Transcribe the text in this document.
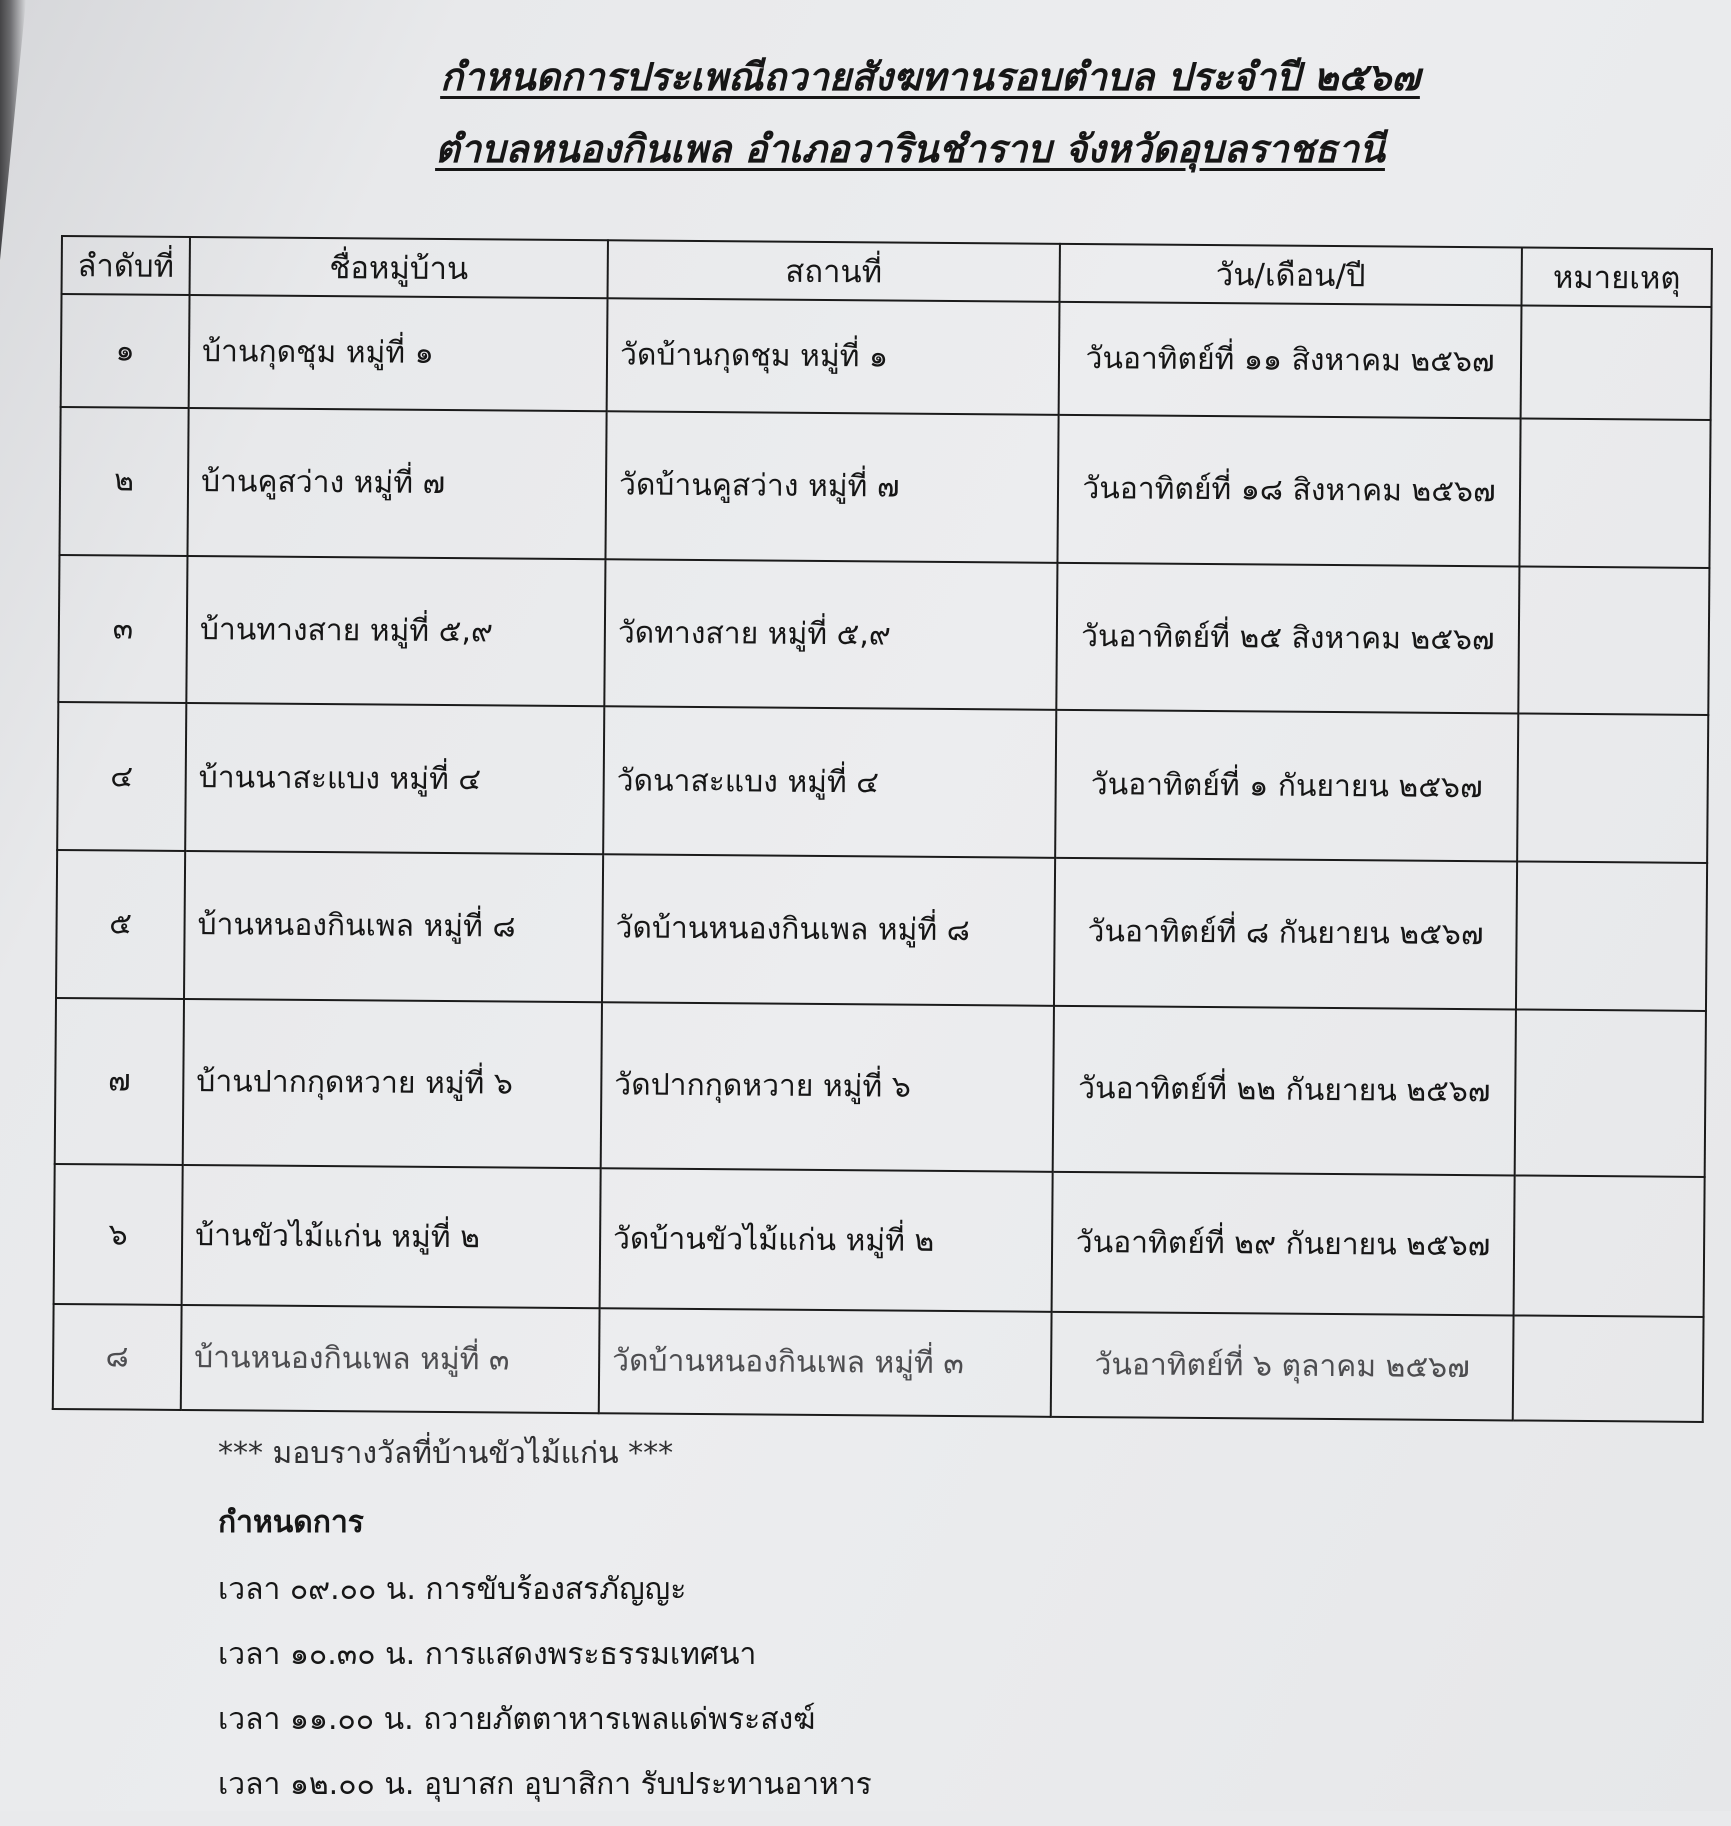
กำหนดการประเพณีถวายสังฆทานรอบตำบล ประจำปี ๒๕๖๗
ตำบลหนองกินเพล อำเภอวารินชำราบ จังหวัดอุบลราชธานี
ลำดับที่	ชื่อหมู่บ้าน	สถานที่	วัน/เดือน/ปี	หมายเหตุ
๑	บ้านกุดชุม หมู่ที่ ๑	วัดบ้านกุดชุม หมู่ที่ ๑	วันอาทิตย์ที่ ๑๑ สิงหาคม ๒๕๖๗	
๒	บ้านคูสว่าง หมู่ที่ ๗	วัดบ้านคูสว่าง หมู่ที่ ๗	วันอาทิตย์ที่ ๑๘ สิงหาคม ๒๕๖๗	
๓	บ้านทางสาย หมู่ที่ ๕,๙	วัดทางสาย หมู่ที่ ๕,๙	วันอาทิตย์ที่ ๒๕ สิงหาคม ๒๕๖๗	
๔	บ้านนาสะแบง หมู่ที่ ๔	วัดนาสะแบง หมู่ที่ ๔	วันอาทิตย์ที่ ๑ กันยายน ๒๕๖๗	
๕	บ้านหนองกินเพล หมู่ที่ ๘	วัดบ้านหนองกินเพล หมู่ที่ ๘	วันอาทิตย์ที่ ๘ กันยายน ๒๕๖๗	
๗	บ้านปากกุดหวาย หมู่ที่ ๖	วัดปากกุดหวาย หมู่ที่ ๖	วันอาทิตย์ที่ ๒๒ กันยายน ๒๕๖๗	
๖	บ้านขัวไม้แก่น หมู่ที่ ๒	วัดบ้านขัวไม้แก่น หมู่ที่ ๒	วันอาทิตย์ที่ ๒๙ กันยายน ๒๕๖๗	
๘	บ้านหนองกินเพล หมู่ที่ ๓	วัดบ้านหนองกินเพล หมู่ที่ ๓	วันอาทิตย์ที่ ๖ ตุลาคม ๒๕๖๗	
*** มอบรางวัลที่บ้านขัวไม้แก่น ***
กำหนดการ
เวลา ๐๙.๐๐ น. การขับร้องสรภัญญะ
เวลา ๑๐.๓๐ น. การแสดงพระธรรมเทศนา
เวลา ๑๑.๐๐ น. ถวายภัตตาหารเพลแด่พระสงฆ์
เวลา ๑๒.๐๐ น. อุบาสก อุบาสิกา รับประทานอาหาร
